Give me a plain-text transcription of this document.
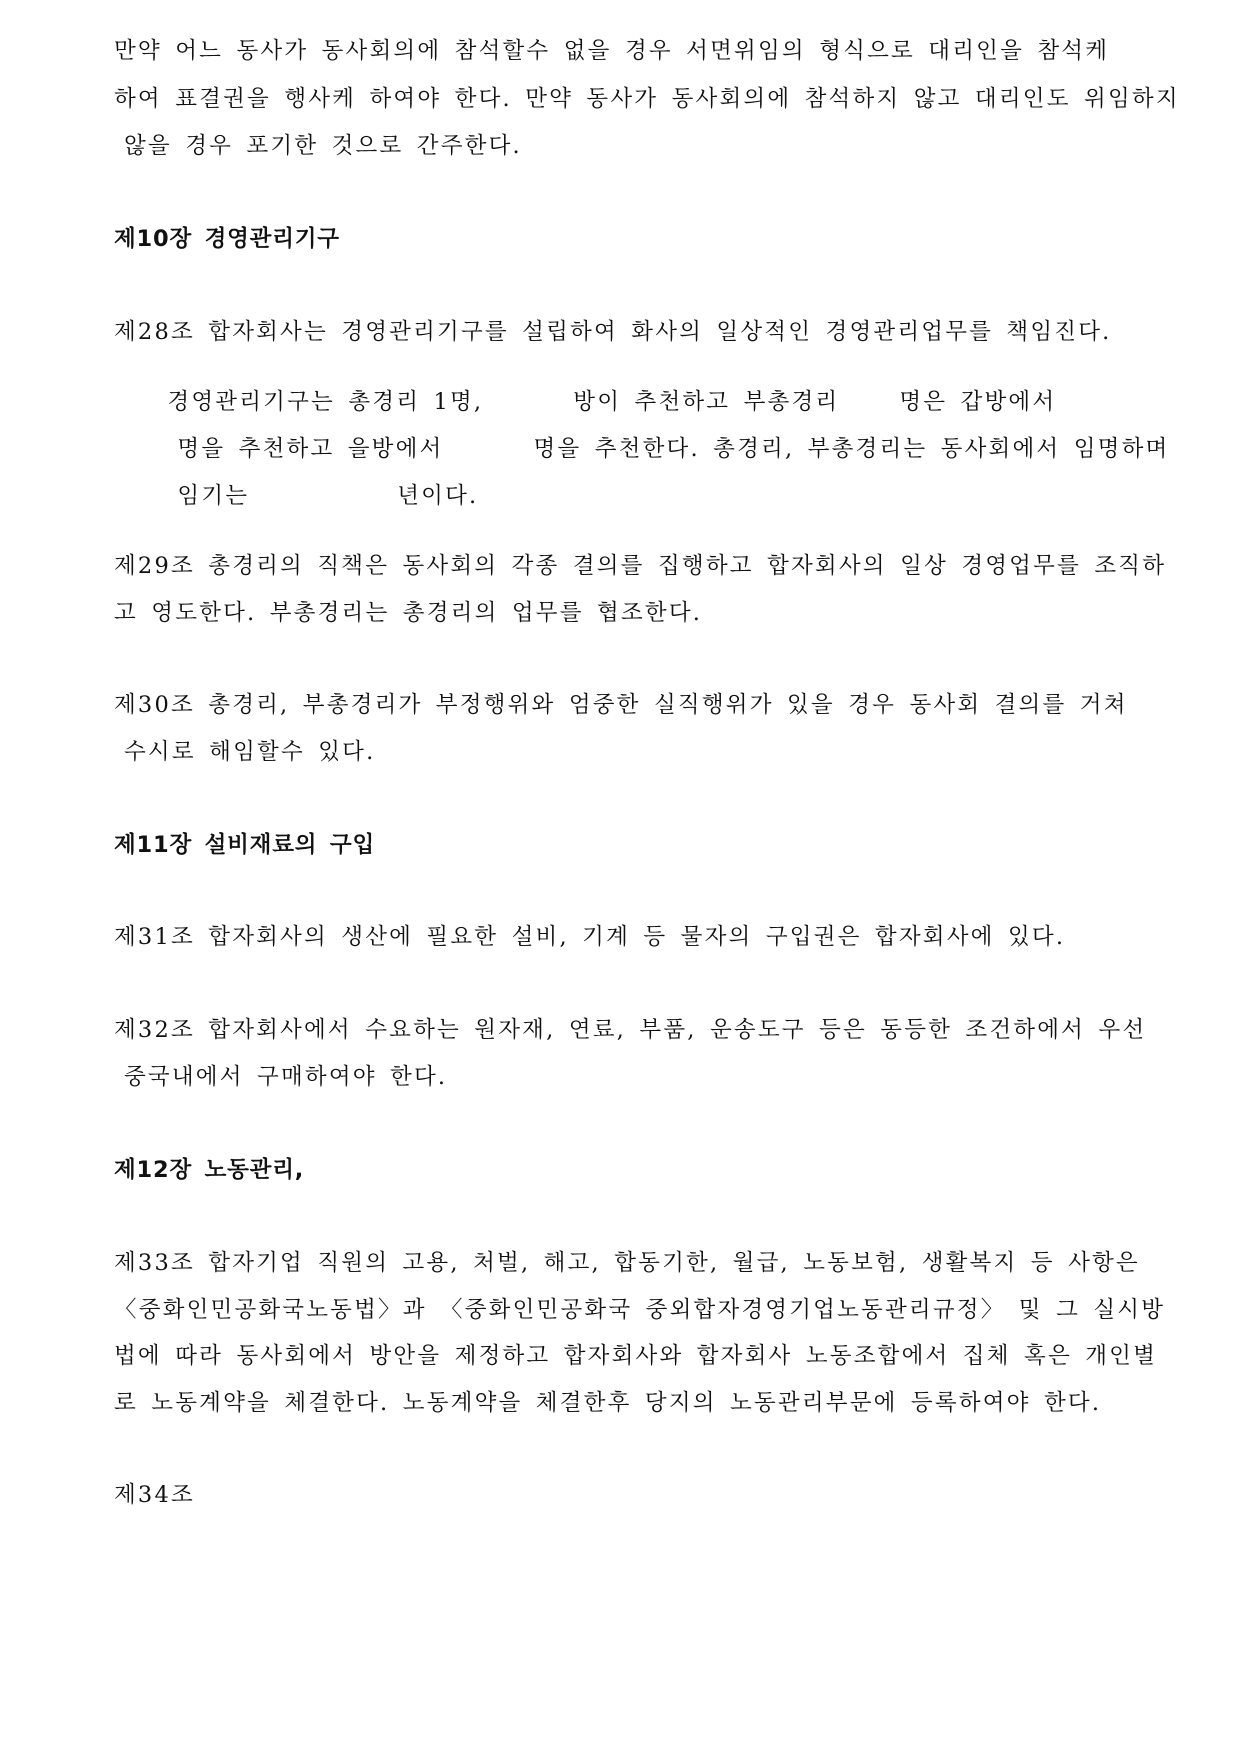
만약 어느 동사가 동사회의에 참석할수 없을 경우 서면위임의 형식으로 대리인을 참석케
하여 표결권을 행사케 하여야 한다. 만약 동사가 동사회의에 참석하지 않고 대리인도 위임하지
않을 경우 포기한 것으로 간주한다.
제10장 경영관리기구
제28조 합자회사는 경영관리기구를 설립하여 화사의 일상적인 경영관리업무를 책임진다.

경영관리기구는 총경리 1명,	방이 추천하고 부총경리	명은 갑방에서

명을 추천하고 을방에서	명을 추천한다. 총경리, 부총경리는 동사회에서 임명하며

임기는	년이다.

제29조 총경리의 직책은 동사회의 각종 결의를 집행하고 합자회사의 일상 경영업무를 조직하
고 영도한다. 부총경리는 총경리의 업무를 협조한다.
제30조 총경리, 부총경리가 부정행위와 엄중한 실직행위가 있을 경우 동사회 결의를 거쳐
수시로 해임할수 있다.
제11장 설비재료의 구입
제31조 합자회사의 생산에 필요한 설비, 기계 등 물자의 구입권은 합자회사에 있다.
제32조 합자회사에서 수요하는 원자재, 연료, 부품, 운송도구 등은 동등한 조건하에서 우선
중국내에서 구매하여야 한다.
제12장 노동관리,
제33조 합자기업 직원의 고용, 처벌, 해고, 합동기한, 월급, 노동보험, 생활복지 등 사항은
〈중화인민공화국노동법〉과 〈중화인민공화국 중외합자경영기업노동관리규정〉 및 그 실시방
법에 따라 동사회에서 방안을 제정하고 합자회사와 합자회사 노동조합에서 집체 혹은 개인별
로 노동계약을 체결한다. 노동계약을 체결한후 당지의 노동관리부문에 등록하여야 한다.
제34조
